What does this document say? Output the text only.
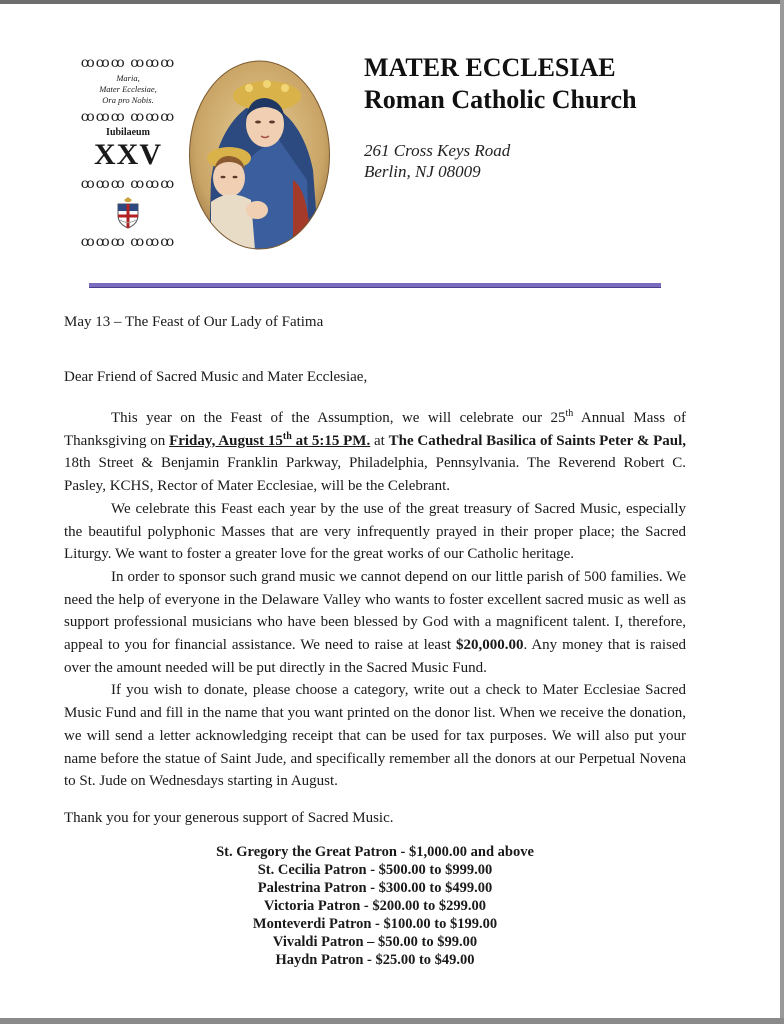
ꝏꝏꝏ ꝏꝏꝏ
Maria,
Mater Ecclesiae,
Ora pro Nobis.
ꝏꝏꝏ ꝏꝏꝏ
Iubilaeum
XXV
ꝏꝏꝏ ꝏꝏꝏ
ꝏꝏꝏ ꝏꝏꝏ
MATER ECCLESIAE
Roman Catholic Church
261 Cross Keys Road
Berlin, NJ 08009
May 13 – The Feast of Our Lady of Fatima
Dear Friend of Sacred Music and Mater Ecclesiae,

This year on the Feast of the Assumption, we will celebrate our 25th Annual Mass of Thanksgiving on Friday, August 15th at 5:15 PM. at The Cathedral Basilica of Saints Peter & Paul, 18th Street & Benjamin Franklin Parkway, Philadelphia, Pennsylvania. The Reverend Robert C. Pasley, KCHS, Rector of Mater Ecclesiae, will be the Celebrant.

We celebrate this Feast each year by the use of the great treasury of Sacred Music, especially the beautiful polyphonic Masses that are very infrequently prayed in their proper place; the Sacred Liturgy. We want to foster a greater love for the great works of our Catholic heritage.

In order to sponsor such grand music we cannot depend on our little parish of 500 families. We need the help of everyone in the Delaware Valley who wants to foster excellent sacred music as well as support professional musicians who have been blessed by God with a magnificent talent. I, therefore, appeal to you for financial assistance. We need to raise at least $20,000.00. Any money that is raised over the amount needed will be put directly in the Sacred Music Fund.

If you wish to donate, please choose a category, write out a check to Mater Ecclesiae Sacred Music Fund and fill in the name that you want printed on the donor list. When we receive the donation, we will send a letter acknowledging receipt that can be used for tax purposes. We will also put your name before the statue of Saint Jude, and specifically remember all the donors at our Perpetual Novena to St. Jude on Wednesdays starting in August.

Thank you for your generous support of Sacred Music.
St. Gregory the Great Patron - $1,000.00 and above
St. Cecilia Patron - $500.00 to $999.00
Palestrina Patron - $300.00 to $499.00
Victoria Patron - $200.00 to $299.00
Monteverdi Patron - $100.00 to $199.00
Vivaldi Patron – $50.00 to $99.00
Haydn Patron - $25.00 to $49.00
